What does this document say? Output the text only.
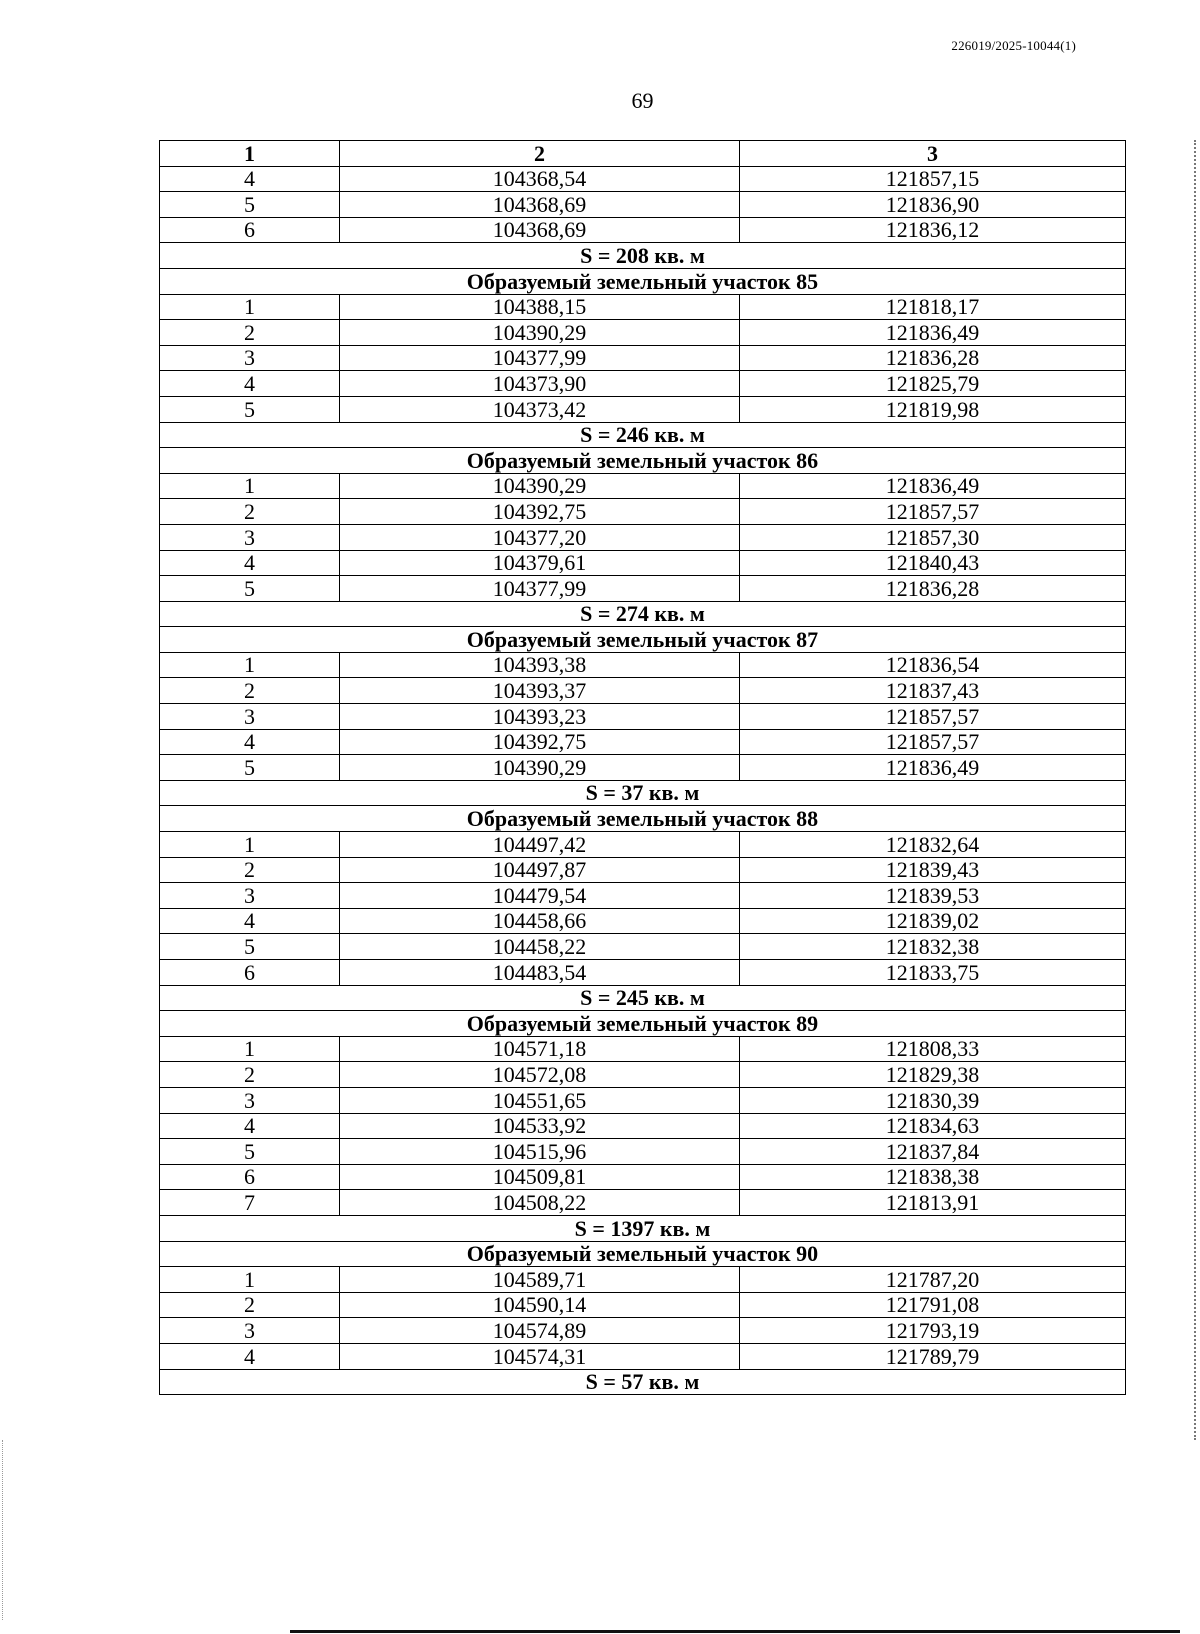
226019/2025-10044(1)
69
1	2	3
4	104368,54	121857,15
5	104368,69	121836,90
6	104368,69	121836,12
S = 208 кв. м		
Образуемый земельный участок 85		
1	104388,15	121818,17
2	104390,29	121836,49
3	104377,99	121836,28
4	104373,90	121825,79
5	104373,42	121819,98
S = 246 кв. м		
Образуемый земельный участок 86		
1	104390,29	121836,49
2	104392,75	121857,57
3	104377,20	121857,30
4	104379,61	121840,43
5	104377,99	121836,28
S = 274 кв. м		
Образуемый земельный участок 87		
1	104393,38	121836,54
2	104393,37	121837,43
3	104393,23	121857,57
4	104392,75	121857,57
5	104390,29	121836,49
S = 37 кв. м		
Образуемый земельный участок 88		
1	104497,42	121832,64
2	104497,87	121839,43
3	104479,54	121839,53
4	104458,66	121839,02
5	104458,22	121832,38
6	104483,54	121833,75
S = 245 кв. м		
Образуемый земельный участок 89		
1	104571,18	121808,33
2	104572,08	121829,38
3	104551,65	121830,39
4	104533,92	121834,63
5	104515,96	121837,84
6	104509,81	121838,38
7	104508,22	121813,91
S = 1397 кв. м		
Образуемый земельный участок 90		
1	104589,71	121787,20
2	104590,14	121791,08
3	104574,89	121793,19
4	104574,31	121789,79
S = 57 кв. м		
